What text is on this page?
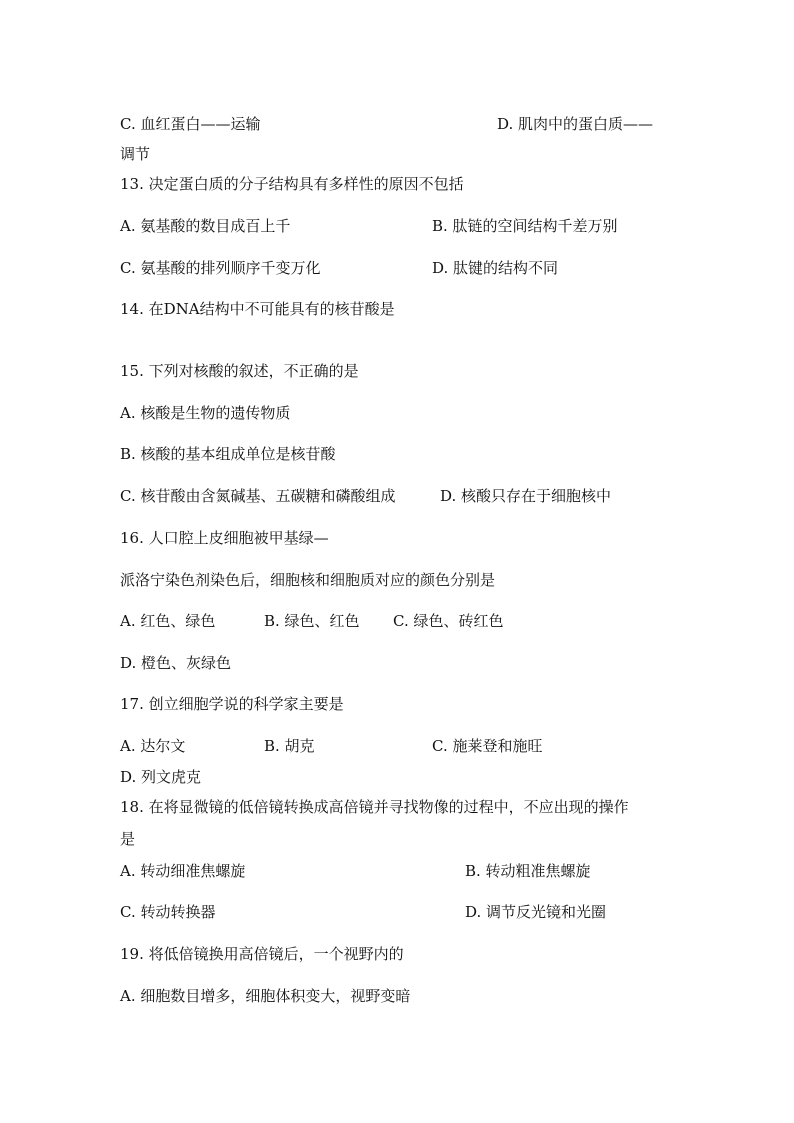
C. 血红蛋白——运输	D. 肌肉中的蛋白质——
调节
13. 决定蛋白质的分子结构具有多样性的原因不包括
A. 氨基酸的数目成百上千	B. 肽链的空间结构千差万别
C. 氨基酸的排列顺序千变万化	D. 肽键的结构不同
14. 在DNA结构中不可能具有的核苷酸是
15. 下列对核酸的叙述，不正确的是
A. 核酸是生物的遗传物质
B. 核酸的基本组成单位是核苷酸
C. 核苷酸由含氮碱基、五碳糖和磷酸组成	D. 核酸只存在于细胞核中
16. 人口腔上皮细胞被甲基绿—
派洛宁染色剂染色后，细胞核和细胞质对应的颜色分别是
A. 红色、绿色	B. 绿色、红色 C. 绿色、砖红色
D. 橙色、灰绿色
17. 创立细胞学说的科学家主要是
A. 达尔文	B. 胡克	C. 施莱登和施旺
D. 列文虎克
18. 在将显微镜的低倍镜转换成高倍镜并寻找物像的过程中，不应出现的操作
是
A. 转动细准焦螺旋	B. 转动粗准焦螺旋
C. 转动转换器	D. 调节反光镜和光圈
19. 将低倍镜换用高倍镜后，一个视野内的
A. 细胞数目增多，细胞体积变大，视野变暗
